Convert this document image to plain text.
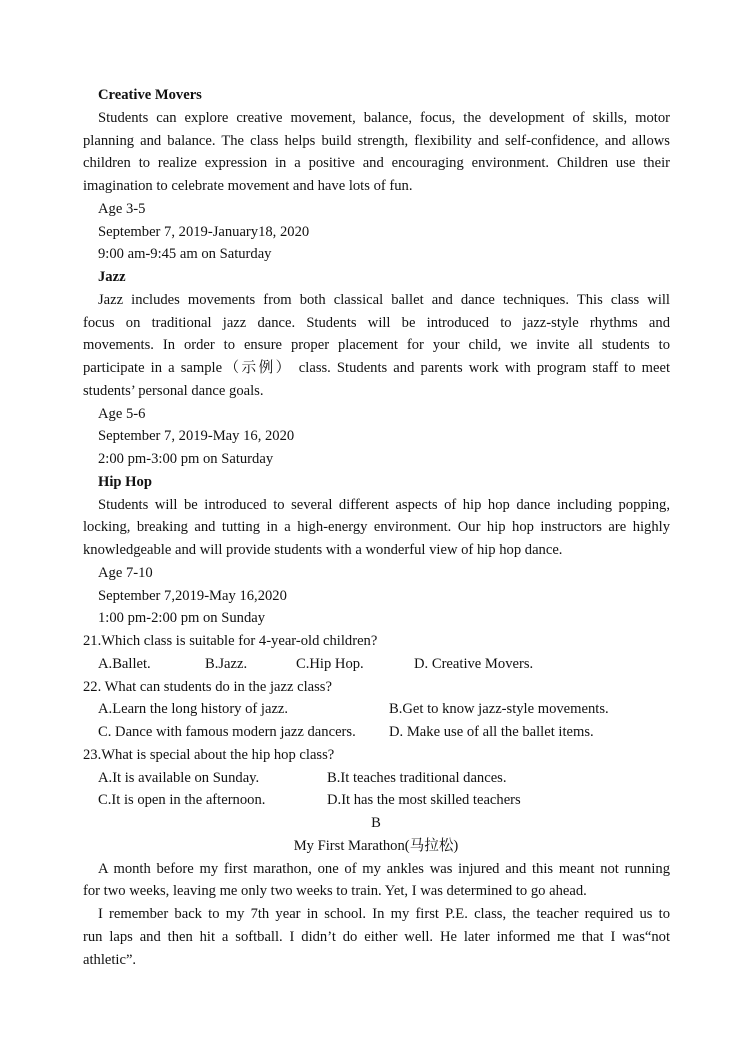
Creative Movers
Students can explore creative movement, balance, focus, the development of skills, motor
planning and balance. The class helps build strength, flexibility and self-confidence, and allows
children to realize expression in a positive and encouraging environment. Children use their
imagination to celebrate movement and have lots of fun.
Age 3-5
September 7, 2019-January18, 2020
9:00 am-9:45 am on Saturday
Jazz
Jazz includes movements from both classical ballet and dance techniques. This class will
focus on traditional jazz dance. Students will be introduced to jazz-style rhythms and
movements. In order to ensure proper placement for your child, we invite all students to
participate in a sample（示例） class. Students and parents work with program staff to meet
students’ personal dance goals.
Age 5-6
September 7, 2019-May 16, 2020
2:00 pm-3:00 pm on Saturday
Hip Hop
Students will be introduced to several different aspects of hip hop dance including popping,
locking, breaking and tutting in a high-energy environment. Our hip hop instructors are highly
knowledgeable and will provide students with a wonderful view of hip hop dance.
Age 7-10
September 7,2019-May 16,2020
1:00 pm-2:00 pm on Sunday
21.Which class is suitable for 4-year-old children?
A.Ballet.	B.Jazz.	C.Hip Hop.	D. Creative Movers.
22. What can students do in the jazz class?
A.Learn the long history of jazz.	B.Get to know jazz-style movements.
C. Dance with famous modern jazz dancers. D. Make use of all the ballet items.
23.What is special about the hip hop class?
A.It is available on Sunday.	B.It teaches traditional dances.
C.It is open in the afternoon.	D.It has the most skilled teachers
B
My First Marathon(马拉松)
A month before my first marathon, one of my ankles was injured and this meant not running
for two weeks, leaving me only two weeks to train. Yet, I was determined to go ahead.
I remember back to my 7th year in school. In my first P.E. class, the teacher required us to
run laps and then hit a softball. I didn’t do either well. He later informed me that I was“not
athletic”.
